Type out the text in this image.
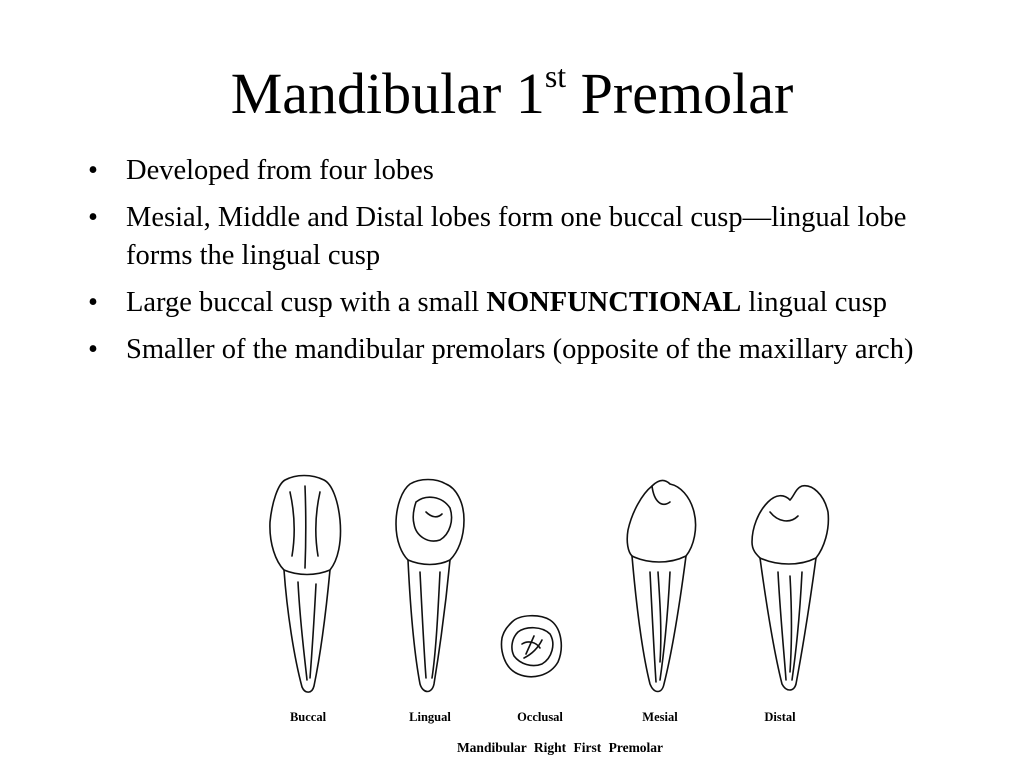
Mandibular 1st Premolar
• Developed from four lobes
• Mesial, Middle and Distal lobes form one buccal cusp—lingual lobe forms the lingual cusp
• Large buccal cusp with a small NONFUNCTIONAL lingual cusp
• Smaller of the mandibular premolars (opposite of the maxillary arch)
Buccal	Lingual	Occlusal	Mesial	Distal
Mandibular Right First Premolar
